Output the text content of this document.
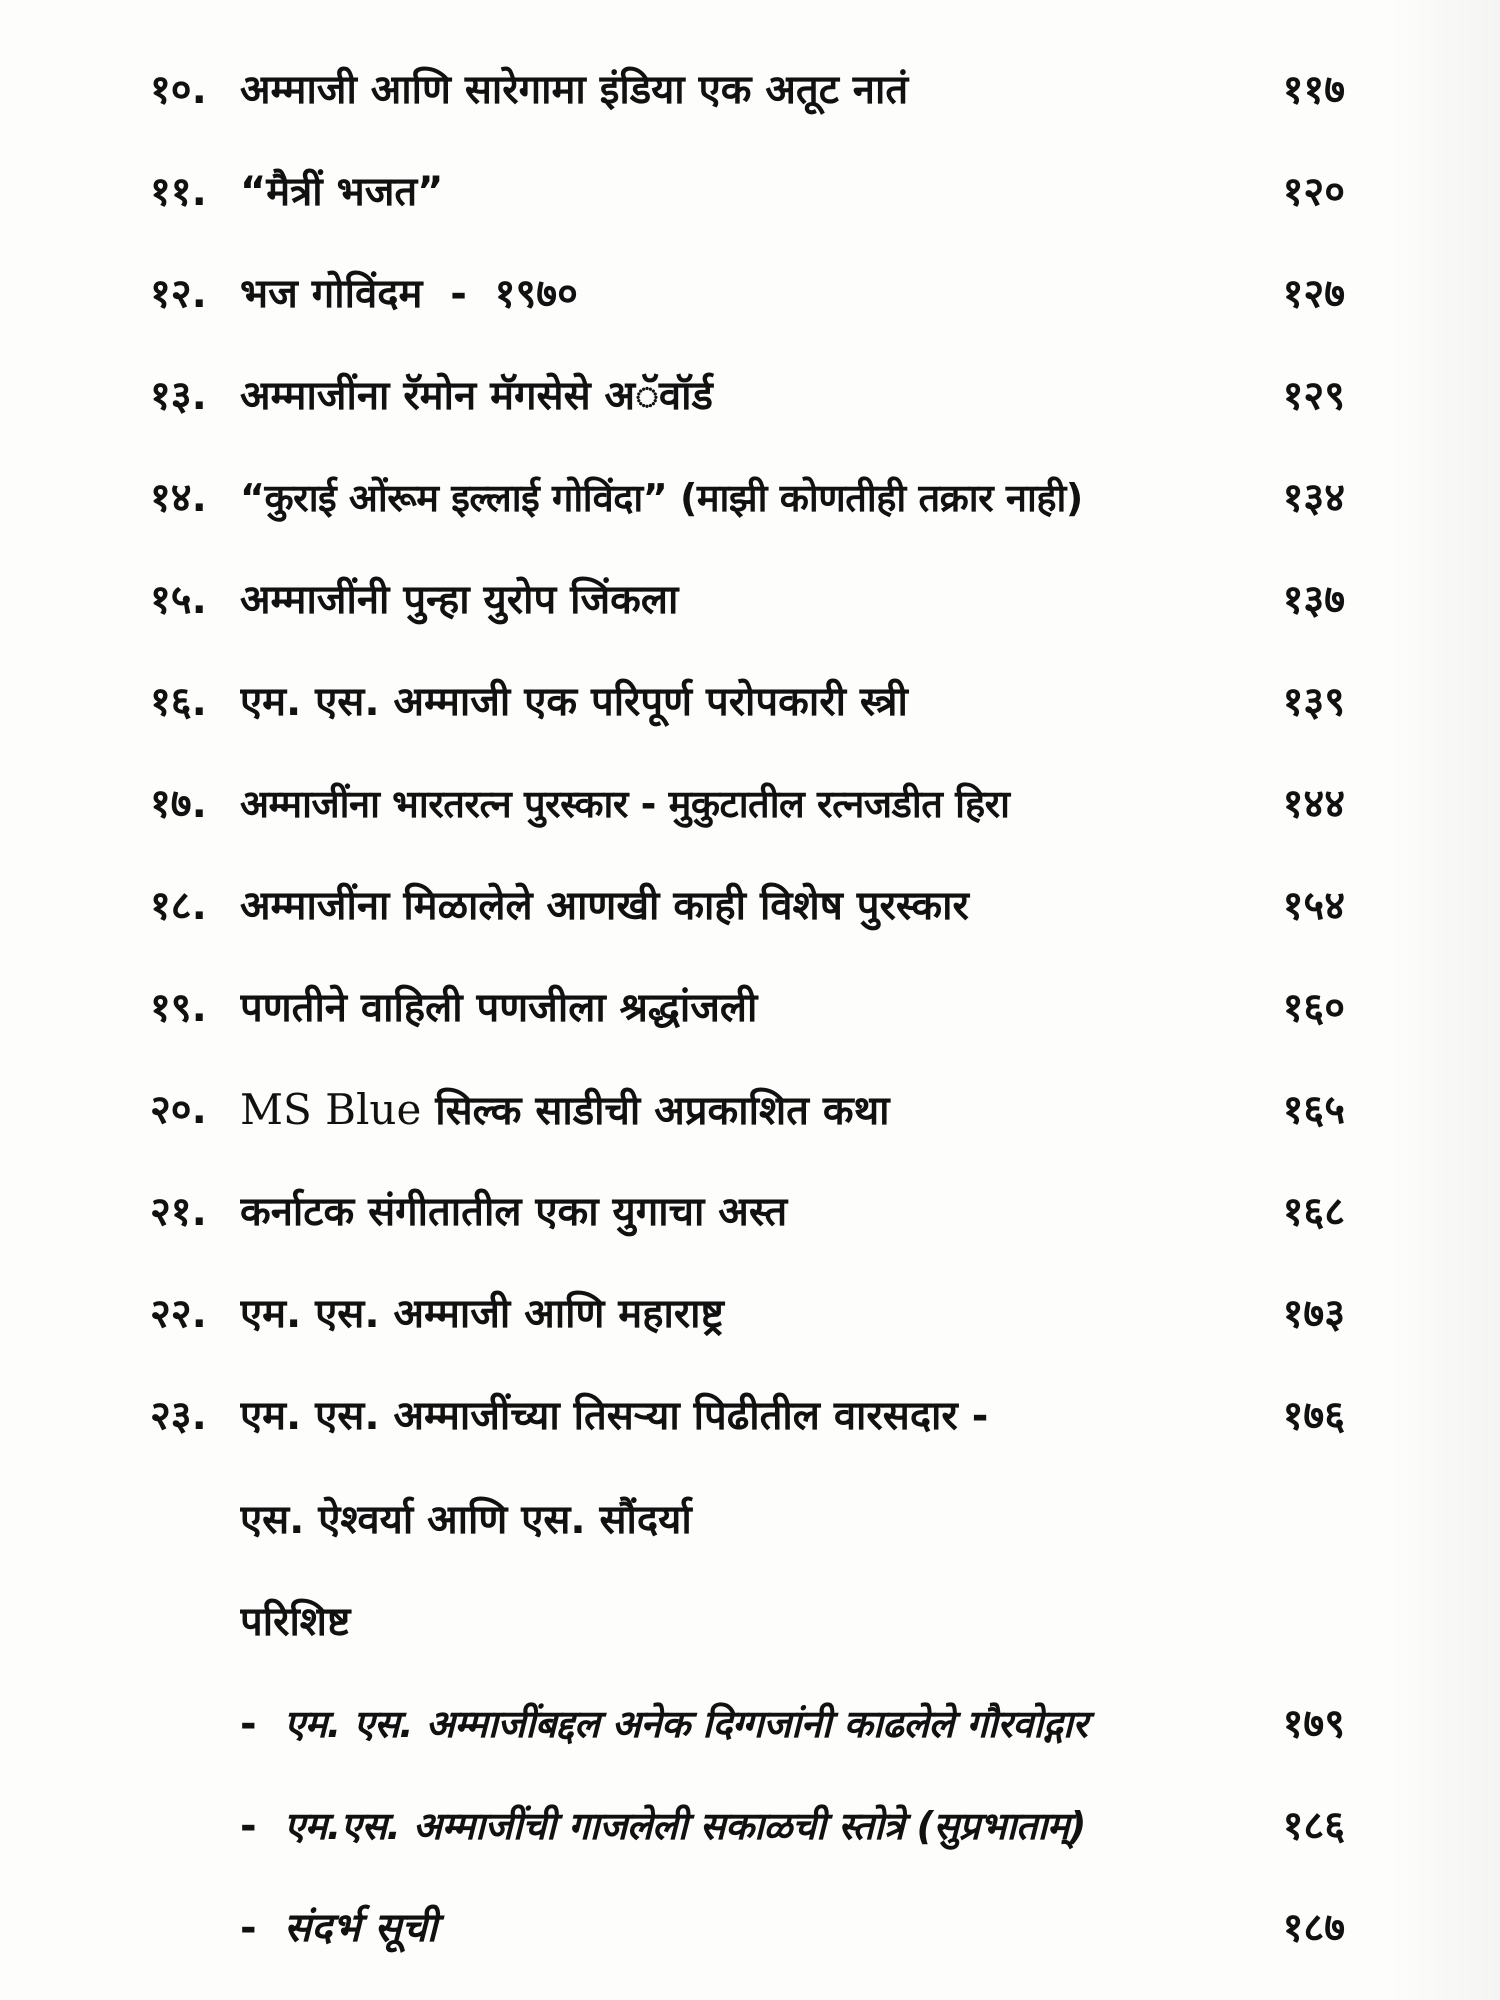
१०. अम्माजी आणि सारेगामा इंडिया एक अतूट नातं	११७
११. “मैत्रीं भजत”	१२०
१२. भज गोविंदम  -  १९७०	१२७
१३. अम्माजींना रॅमोन मॅगसेसे अॅवॉर्ड	१२९
१४. “कुराई ओंरूम इल्लाई गोविंदा” (माझी कोणतीही तक्रार नाही)	१३४
१५. अम्माजींनी पुन्हा युरोप जिंकला	१३७
१६. एम. एस. अम्माजी एक परिपूर्ण परोपकारी स्त्री	१३९
१७. अम्माजींना भारतरत्न पुरस्कार - मुकुटातील रत्नजडीत हिरा	१४४
१८. अम्माजींना मिळालेले आणखी काही विशेष पुरस्कार	१५४
१९. पणतीने वाहिली पणजीला श्रद्धांजली	१६०
२०. MS Blue सिल्क साडीची अप्रकाशित कथा	१६५
२१. कर्नाटक संगीतातील एका युगाचा अस्त	१६८
२२. एम. एस. अम्माजी आणि महाराष्ट्र	१७३
२३. एम. एस. अम्माजींच्या तिसऱ्या पिढीतील वारसदार -	१७६
एस. ऐश्वर्या आणि एस. सौंदर्या
परिशिष्ट
- एम. एस. अम्माजींबद्दल अनेक दिग्गजांनी काढलेले गौरवोद्गार	१७९
- एम.एस. अम्माजींची गाजलेली सकाळची स्तोत्रे (सुप्रभाताम्)	१८६
- संदर्भ सूची	१८७
